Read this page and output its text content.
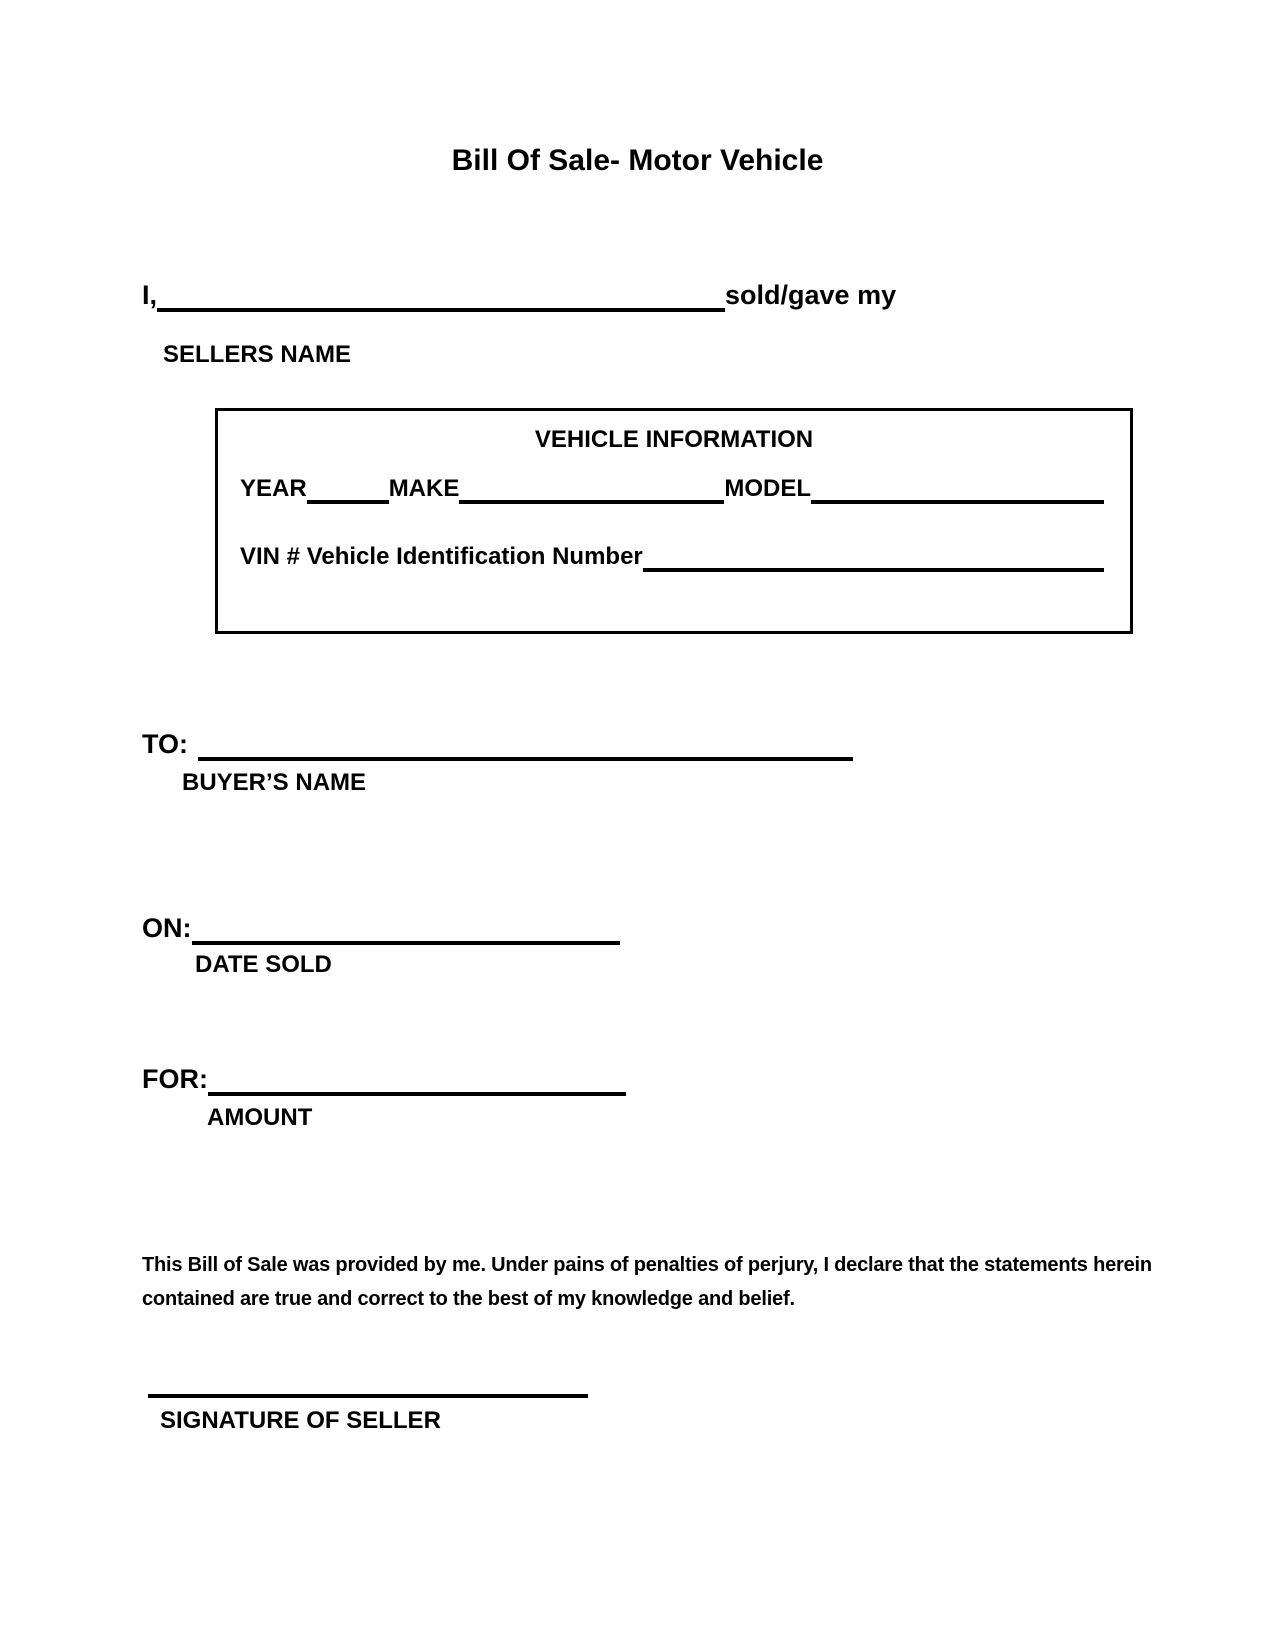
Bill Of Sale- Motor Vehicle
I,	sold/gave my
SELLERS NAME
VEHICLE INFORMATION
YEAR	MAKE	MODEL
VIN # Vehicle Identification Number
TO:
BUYER’S NAME
ON:
DATE SOLD
FOR:
AMOUNT

This Bill of Sale was provided by me. Under pains of penalties of perjury, I declare that the statements herein contained are true and correct to the best of my knowledge and belief.

SIGNATURE OF SELLER
